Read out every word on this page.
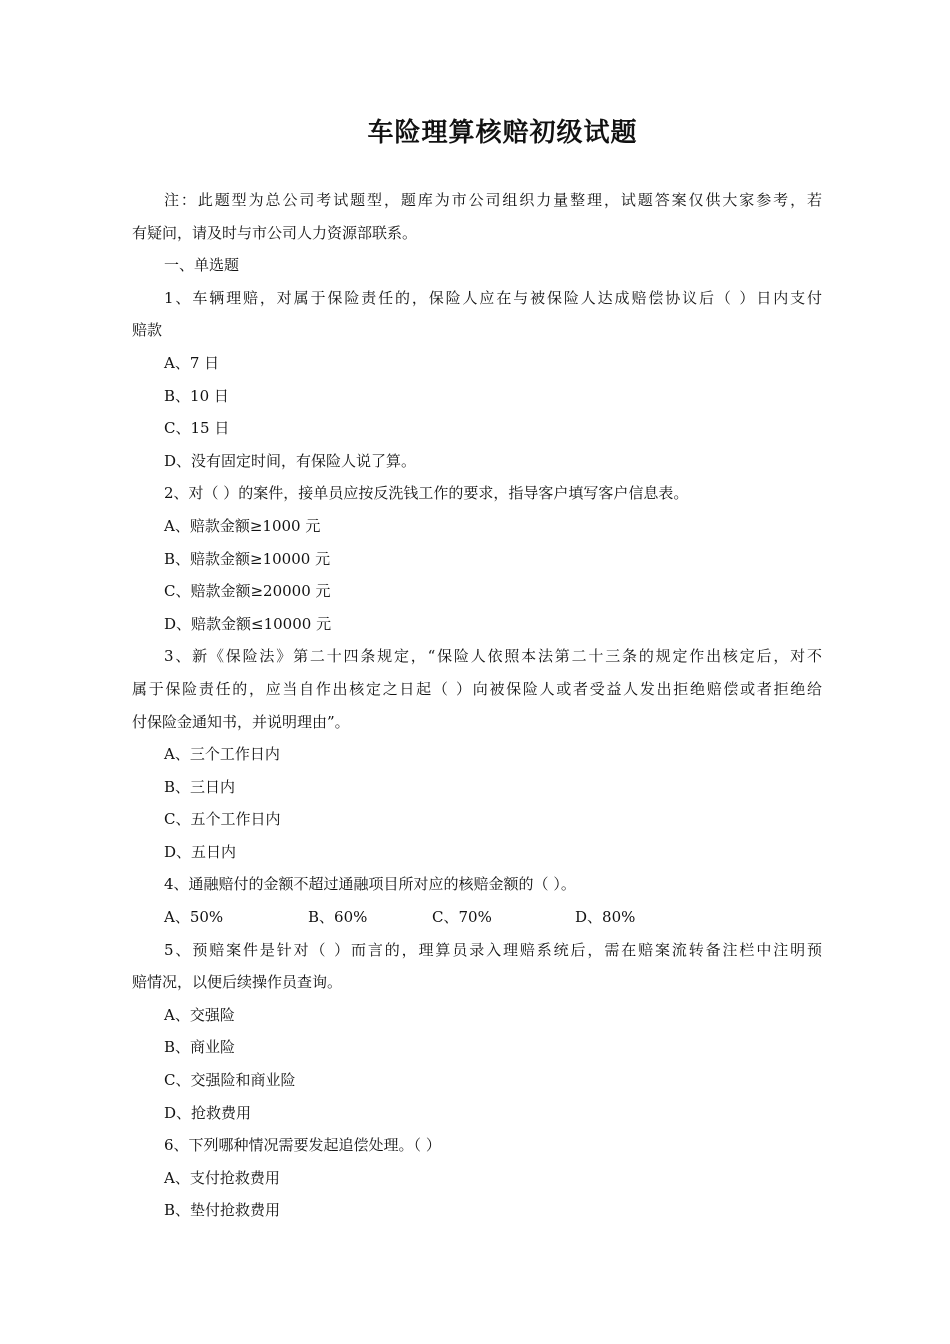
车险理算核赔初级试题
注：此题型为总公司考试题型，题库为市公司组织力量整理，试题答案仅供大家参考，若
有疑问，请及时与市公司人力资源部联系。
一、单选题
1、车辆理赔，对属于保险责任的，保险人应在与被保险人达成赔偿协议后（ ）日内支付
赔款
A、7 日
B、10 日
C、15 日
D、没有固定时间，有保险人说了算。
2、对（ ）的案件，接单员应按反洗钱工作的要求，指导客户填写客户信息表。
A、赔款金额≥1000 元
B、赔款金额≥10000 元
C、赔款金额≥20000 元
D、赔款金额≤10000 元
3、新《保险法》第二十四条规定，“保险人依照本法第二十三条的规定作出核定后，对不
属于保险责任的，应当自作出核定之日起（ ）向被保险人或者受益人发出拒绝赔偿或者拒绝给
付保险金通知书，并说明理由”。
A、三个工作日内
B、三日内
C、五个工作日内
D、五日内
4、通融赔付的金额不超过通融项目所对应的核赔金额的（ ）。
A、50%	B、60%	C、70%	D、80%
5、预赔案件是针对（ ）而言的，理算员录入理赔系统后，需在赔案流转备注栏中注明预
赔情况，以便后续操作员查询。
A、交强险
B、商业险
C、交强险和商业险
D、抢救费用
6、下列哪种情况需要发起追偿处理。（ ）
A、支付抢救费用
B、垫付抢救费用
